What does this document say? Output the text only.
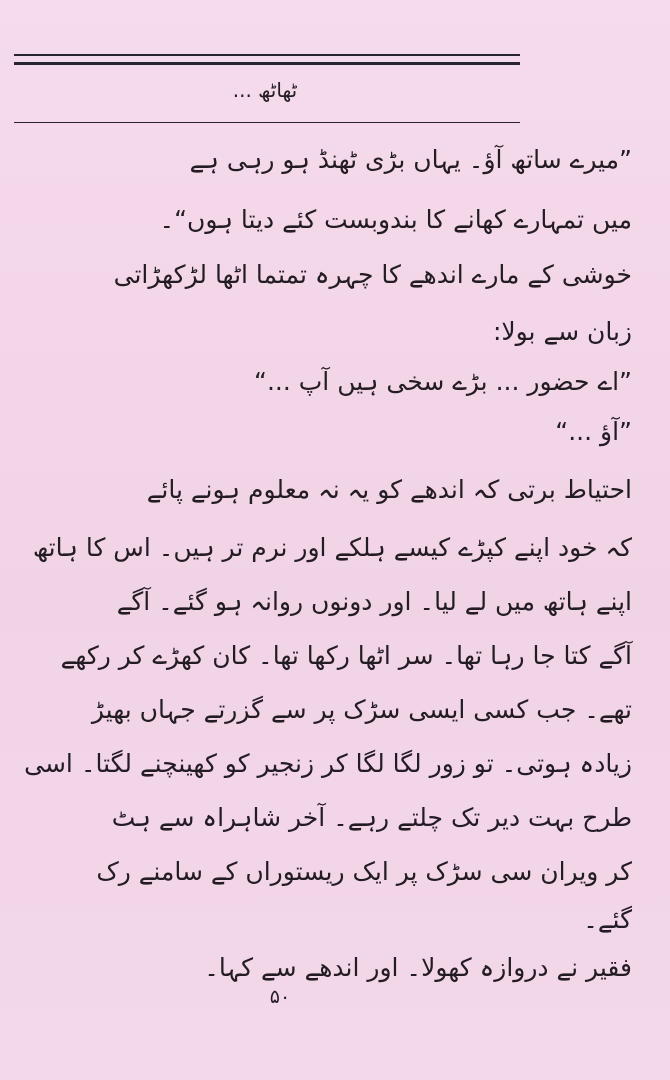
ٹھاٹھ ...
”میرے ساتھ آؤ۔ یہاں بڑی ٹھنڈ ہو رہی ہے
میں تمہارے کھانے کا بندوبست کئے دیتا ہوں“۔
خوشی کے مارے اندھے کا چہرہ تمتما اٹھا لڑکھڑاتی
زبان سے بولا:
”اے حضور ... بڑے سخی ہیں آپ ...“
”آؤ ...“
احتیاط برتی کہ اندھے کو یہ نہ معلوم ہونے پائے
کہ خود اپنے کپڑے کیسے ہلکے اور نرم تر ہیں۔ اس کا ہاتھ
اپنے ہاتھ میں لے لیا۔ اور دونوں روانہ ہو گئے۔ آگے
آگے کتا جا رہا تھا۔ سر اٹھا رکھا تھا۔ کان کھڑے کر رکھے
تھے۔ جب کسی ایسی سڑک پر سے گزرتے جہاں بھیڑ
زیادہ ہوتی۔ تو زور لگا لگا کر زنجیر کو کھینچنے لگتا۔ اسی
طرح بہت دیر تک چلتے رہے۔ آخر شاہراہ سے ہٹ
کر ویران سی سڑک پر ایک ریستوراں کے سامنے رک
گئے۔
فقیر نے دروازہ کھولا۔ اور اندھے سے کہا۔
۵۰
